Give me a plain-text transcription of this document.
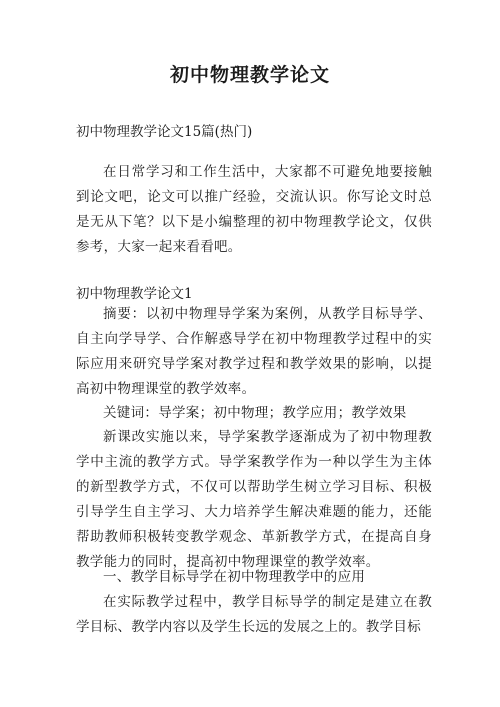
初中物理教学论文
初中物理教学论文15篇(热门)

在日常学习和工作生活中，大家都不可避免地要接触到论文吧，论文可以推广经验，交流认识。你写论文时总是无从下笔？以下是小编整理的初中物理教学论文，仅供参考，大家一起来看看吧。

初中物理教学论文1

摘要：以初中物理导学案为案例，从教学目标导学、自主向学导学、合作解惑导学在初中物理教学过程中的实际应用来研究导学案对教学过程和教学效果的影响，以提高初中物理课堂的教学效率。

关键词：导学案；初中物理；教学应用；教学效果

新课改实施以来，导学案教学逐渐成为了初中物理教学中主流的教学方式。导学案教学作为一种以学生为主体的新型教学方式，不仅可以帮助学生树立学习目标、积极引导学生自主学习、大力培养学生解决难题的能力，还能帮助教师积极转变教学观念、革新教学方式，在提高自身教学能力的同时，提高初中物理课堂的教学效率。

一、教学目标导学在初中物理教学中的应用

在实际教学过程中，教学目标导学的制定是建立在教学目标、教学内容以及学生长远的发展之上的。教学目标
